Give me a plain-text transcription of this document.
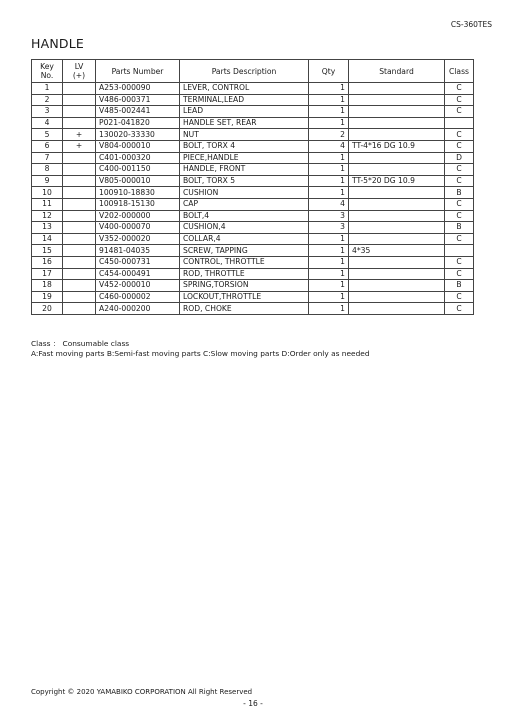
CS-360TES
HANDLE
Key
No.	LV
(+)	Parts Number	Parts Description	Qty	Standard	Class
1		A253-000090	LEVER, CONTROL	1		C
2		V486-000371	TERMINAL,LEAD	1		C
3		V485-002441	LEAD	1		C
4		P021-041820	HANDLE SET, REAR	1		
5	+	130020-33330	NUT	2		C
6	+	V804-000010	BOLT, TORX 4	4	TT-4*16 DG 10.9	C
7		C401-000320	PIECE,HANDLE	1		D
8		C400-001150	HANDLE, FRONT	1		C
9		V805-000010	BOLT, TORX 5	1	TT-5*20 DG 10.9	C
10		100910-18830	CUSHION	1		B
11		100918-15130	CAP	4		C
12		V202-000000	BOLT,4	3		C
13		V400-000070	CUSHION,4	3		B
14		V352-000020	COLLAR,4	1		C
15		91481-04035	SCREW, TAPPING	1	4*35	
16		C450-000731	CONTROL, THROTTLE	1		C
17		C454-000491	ROD, THROTTLE	1		C
18		V452-000010	SPRING,TORSION	1		B
19		C460-000002	LOCKOUT,THROTTLE	1		C
20		A240-000200	ROD, CHOKE	1		C
Class ： Consumable class
A:Fast moving parts B:Semi-fast moving parts C:Slow moving parts D:Order only as needed
Copyright © 2020 YAMABIKO CORPORATION All Right Reserved
- 16 -
